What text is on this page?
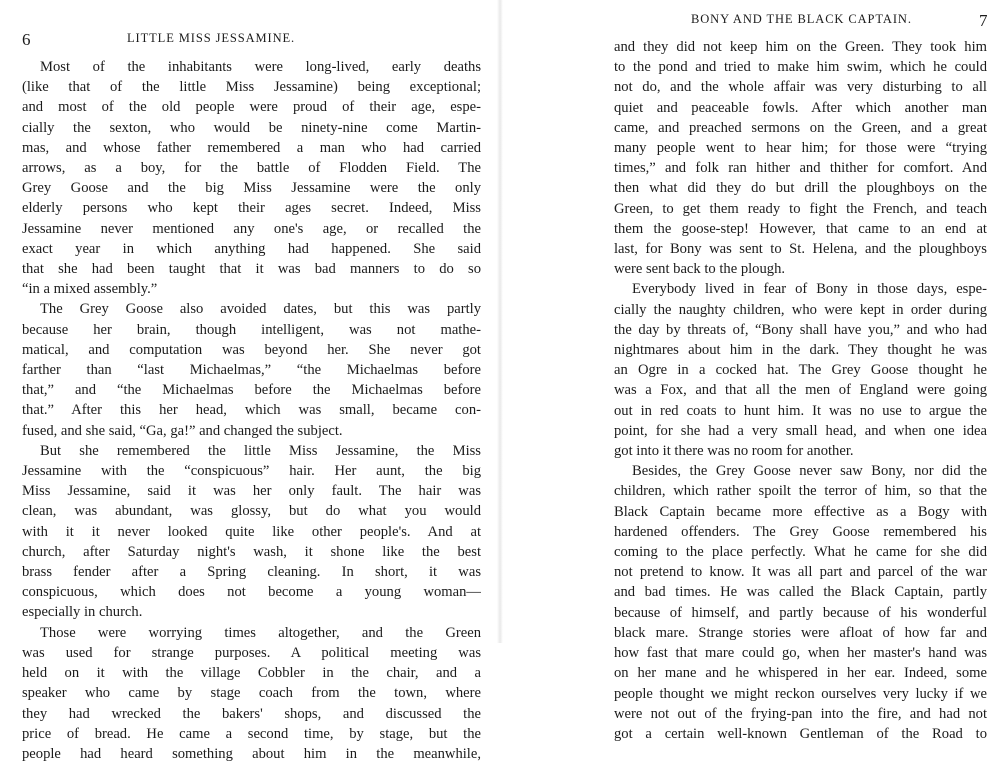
6	LITTLE MISS JESSAMINE.
Most of the inhabitants were long-lived, early deaths
(like that of the little Miss Jessamine) being exceptional;
and most of the old people were proud of their age, espe-
cially the sexton, who would be ninety-nine come Martin-
mas, and whose father remembered a man who had carried
arrows, as a boy, for the battle of Flodden Field. The
Grey Goose and the big Miss Jessamine were the only
elderly persons who kept their ages secret. Indeed, Miss
Jessamine never mentioned any one's age, or recalled the
exact year in which anything had happened. She said
that she had been taught that it was bad manners to do so
“in a mixed assembly.”
The Grey Goose also avoided dates, but this was partly
because her brain, though intelligent, was not mathe-
matical, and computation was beyond her. She never got
farther than “last Michaelmas,” “the Michaelmas before
that,” and “the Michaelmas before the Michaelmas before
that.” After this her head, which was small, became con-
fused, and she said, “Ga, ga!” and changed the subject.
But she remembered the little Miss Jessamine, the Miss
Jessamine with the “conspicuous” hair. Her aunt, the big
Miss Jessamine, said it was her only fault. The hair was
clean, was abundant, was glossy, but do what you would
with it it never looked quite like other people's. And at
church, after Saturday night's wash, it shone like the best
brass fender after a Spring cleaning. In short, it was
conspicuous, which does not become a young woman—
especially in church.
Those were worrying times altogether, and the Green
was used for strange purposes. A political meeting was
held on it with the village Cobbler in the chair, and a
speaker who came by stage coach from the town, where
they had wrecked the bakers' shops, and discussed the
price of bread. He came a second time, by stage, but the
people had heard something about him in the meanwhile,
BONY AND THE BLACK CAPTAIN.	7
and they did not keep him on the Green. They took him
to the pond and tried to make him swim, which he could
not do, and the whole affair was very disturbing to all
quiet and peaceable fowls. After which another man
came, and preached sermons on the Green, and a great
many people went to hear him; for those were “trying
times,” and folk ran hither and thither for comfort. And
then what did they do but drill the ploughboys on the
Green, to get them ready to fight the French, and teach
them the goose-step! However, that came to an end at
last, for Bony was sent to St. Helena, and the ploughboys
were sent back to the plough.
Everybody lived in fear of Bony in those days, espe-
cially the naughty children, who were kept in order during
the day by threats of, “Bony shall have you,” and who had
nightmares about him in the dark. They thought he was
an Ogre in a cocked hat. The Grey Goose thought he
was a Fox, and that all the men of England were going
out in red coats to hunt him. It was no use to argue the
point, for she had a very small head, and when one idea
got into it there was no room for another.
Besides, the Grey Goose never saw Bony, nor did the
children, which rather spoilt the terror of him, so that the
Black Captain became more effective as a Bogy with
hardened offenders. The Grey Goose remembered his
coming to the place perfectly. What he came for she did
not pretend to know. It was all part and parcel of the war
and bad times. He was called the Black Captain, partly
because of himself, and partly because of his wonderful
black mare. Strange stories were afloat of how far and
how fast that mare could go, when her master's hand was
on her mane and he whispered in her ear. Indeed, some
people thought we might reckon ourselves very lucky if we
were not out of the frying-pan into the fire, and had not
got a certain well-known Gentleman of the Road to
